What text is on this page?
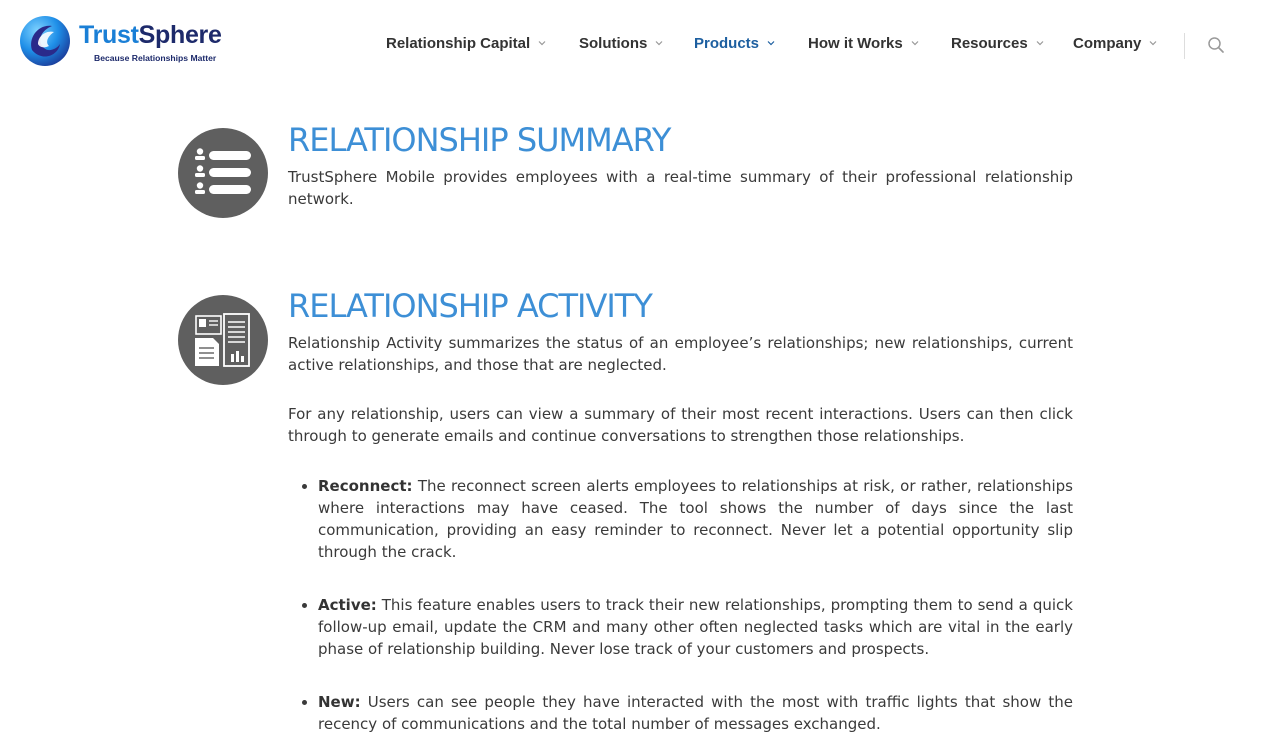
TrustSphere
Because Relationships Matter
Relationship Capital	Solutions	Products	How it Works	Resources	Company
RELATIONSHIP SUMMARY
TrustSphere Mobile provides employees with a real-time summary of their professional relationship network.
RELATIONSHIP ACTIVITY
Relationship Activity summarizes the status of an employee’s relationships; new relationships, current active relationships, and those that are neglected.
For any relationship, users can view a summary of their most recent interactions. Users can then click through to generate emails and continue conversations to strengthen those relationships.
Reconnect: The reconnect screen alerts employees to relationships at risk, or rather, relationships where interactions may have ceased. The tool shows the number of days since the last communication, providing an easy reminder to reconnect. Never let a potential opportunity slip through the crack.
Active: This feature enables users to track their new relationships, prompting them to send a quick follow-up email, update the CRM and many other often neglected tasks which are vital in the early phase of relationship building. Never lose track of your customers and prospects.
New: Users can see people they have interacted with the most with traffic lights that show the recency of communications and the total number of messages exchanged.
